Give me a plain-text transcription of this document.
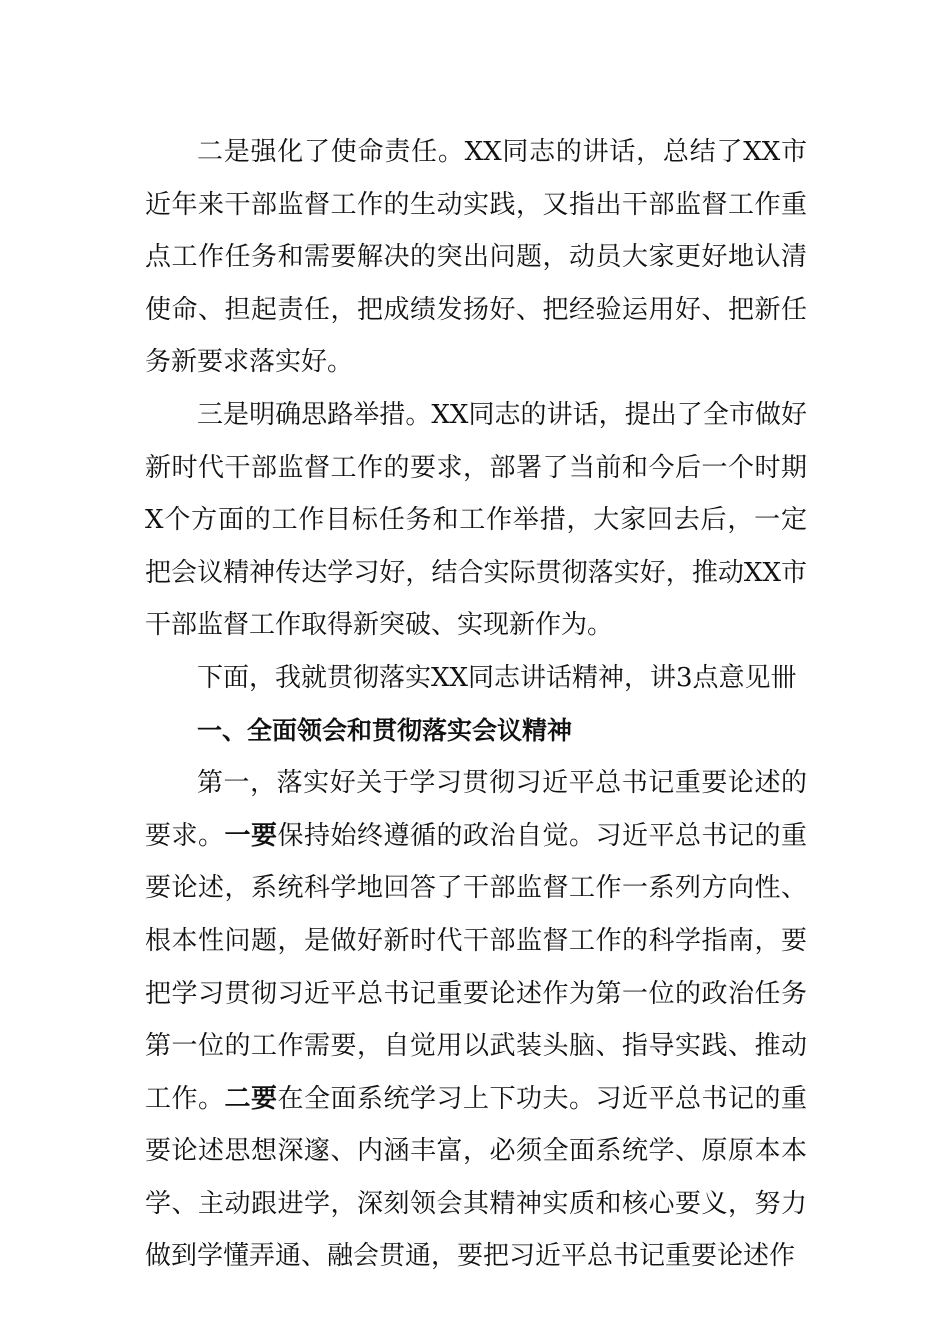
二是强化了使命责任。XX同志的讲话，总结了XX市近年来干部监督工作的生动实践，又指出干部监督工作重点工作任务和需要解决的突出问题，动员大家更好地认清使命、担起责任，把成绩发扬好、把经验运用好、把新任务新要求落实好。

三是明确思路举措。XX同志的讲话，提出了全市做好新时代干部监督工作的要求，部署了当前和今后一个时期X个方面的工作目标任务和工作举措，大家回去后，一定把会议精神传达学习好，结合实际贯彻落实好，推动XX市干部监督工作取得新突破、实现新作为。

下面，我就贯彻落实XX同志讲话精神，讲3点意见卌

一、全面领会和贯彻落实会议精神

第一，落实好关于学习贯彻习近平总书记重要论述的要求。一要保持始终遵循的政治自觉。习近平总书记的重要论述，系统科学地回答了干部监督工作一系列方向性、根本性问题，是做好新时代干部监督工作的科学指南，要把学习贯彻习近平总书记重要论述作为第一位的政治任务第一位的工作需要，自觉用以武装头脑、指导实践、推动工作。二要在全面系统学习上下功夫。习近平总书记的重要论述思想深邃、内涵丰富，必须全面系统学、原原本本学、主动跟进学，深刻领会其精神实质和核心要义，努力做到学懂弄通、融会贯通，要把习近平总书记重要论述作
